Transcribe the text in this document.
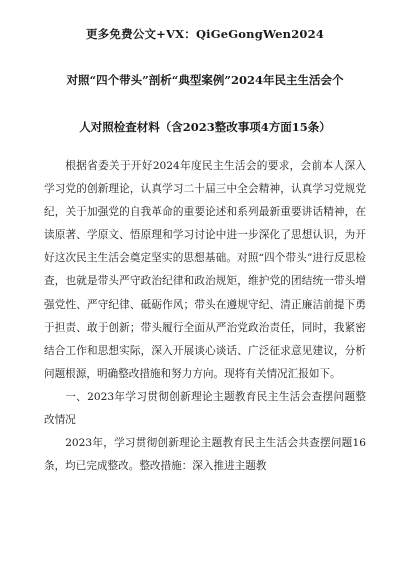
更多免费公文+VX：QiGeGongWen2024
对照“四个带头”剖析“典型案例”2024年民主生活会个
人对照检查材料（含2023整改事项4方面15条）

根据省委关于开好2024年度民主生活会的要求，会前本人深入学习党的创新理论，认真学习二十届三中全会精神，认真学习党规党纪，关于加强党的自我革命的重要论述和系列最新重要讲话精神，在读原著、学原文、悟原理和学习讨论中进一步深化了思想认识，为开好这次民主生活会奠定坚实的思想基础。对照“四个带头”进行反思检查，也就是带头严守政治纪律和政治规矩，维护党的团结统一带头增强党性、严守纪律、砥砺作风；带头在遵规守纪、清正廉洁前提下勇于担责、敢于创新；带头履行全面从严治党政治责任，同时，我紧密结合工作和思想实际，深入开展谈心谈话、广泛征求意见建议，分析问题根源，明确整改措施和努力方向。现将有关情况汇报如下。

一、2023年学习贯彻创新理论主题教育民主生活会查摆问题整改情况

2023年，学习贯彻创新理论主题教育民主生活会共查摆问题16条，均已完成整改。整改措施：深入推进主题教
